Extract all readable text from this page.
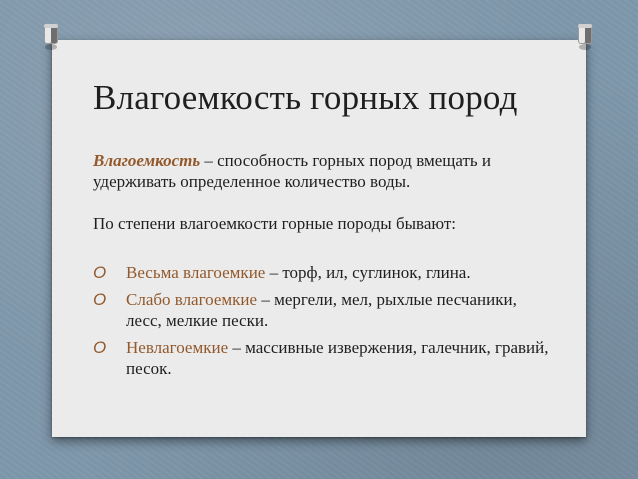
Влагоемкость горных пород

Влагоемкость – способность горных пород вмещать и удерживать определенное количество воды.

По степени влагоемкости горные породы бывают:

O Весьма влагоемкие – торф, ил, суглинок, глина.
O Слабо влагоемкие – мергели, мел, рыхлые песчаники, лесс, мелкие пески.
O Невлагоемкие – массивные извержения, галечник, гравий, песок.
